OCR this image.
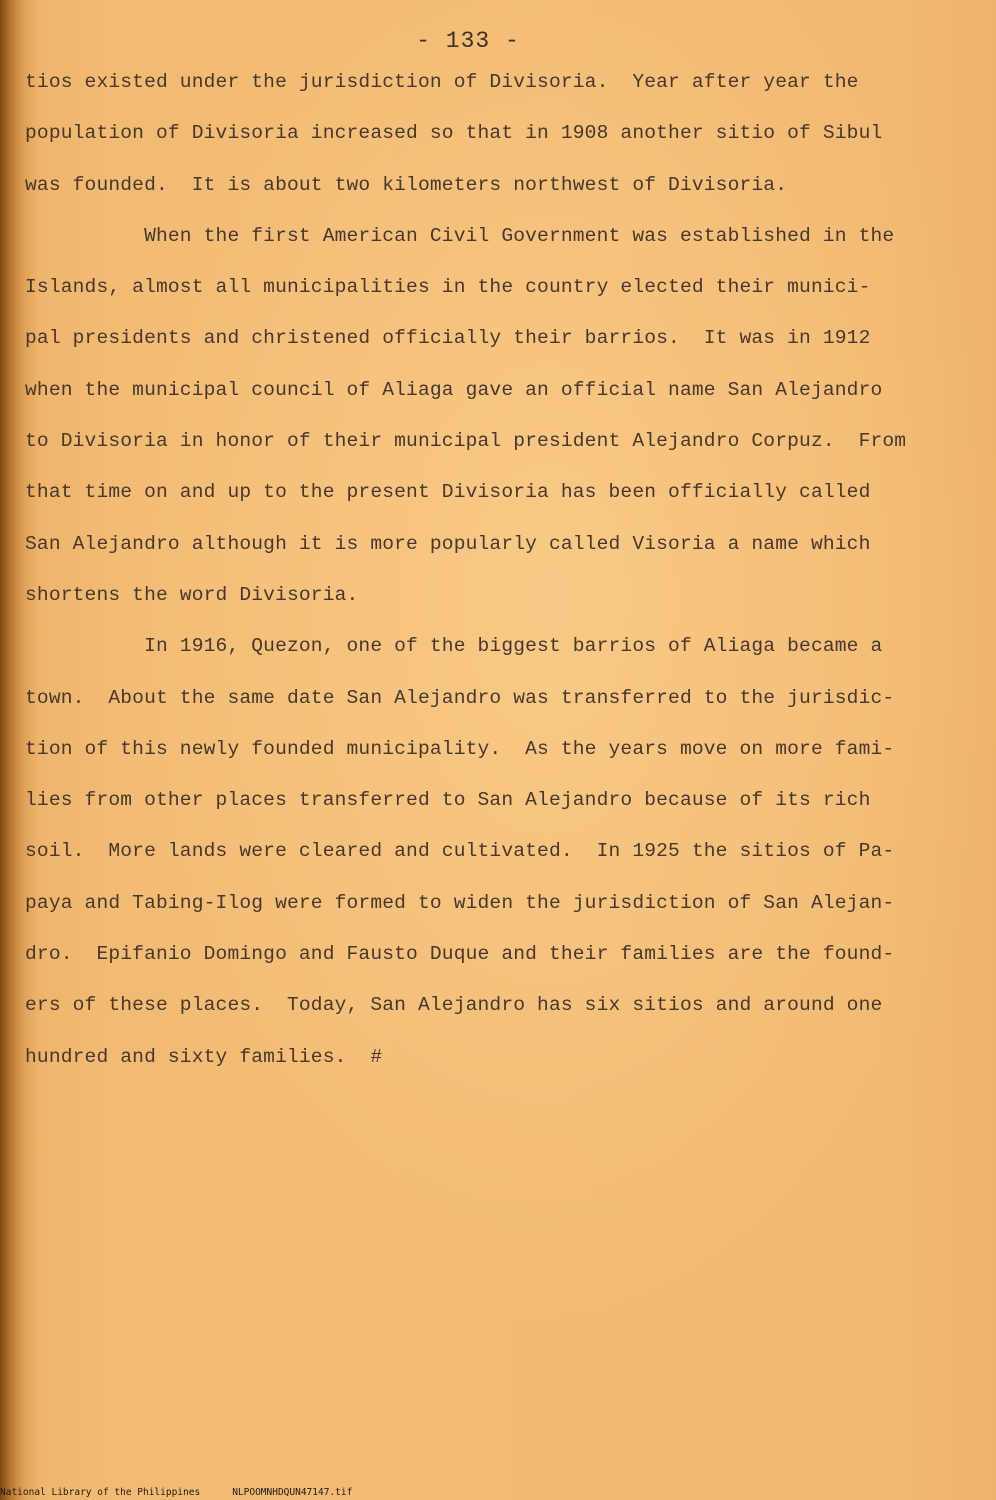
- 133 -
tios existed under the jurisdiction of Divisoria.  Year after year the
population of Divisoria increased so that in 1908 another sitio of Sibul
was founded.  It is about two kilometers northwest of Divisoria.
When the first American Civil Government was established in the
Islands, almost all municipalities in the country elected their munici-
pal presidents and christened officially their barrios.  It was in 1912
when the municipal council of Aliaga gave an official name San Alejandro
to Divisoria in honor of their municipal president Alejandro Corpuz.  From
that time on and up to the present Divisoria has been officially called
San Alejandro although it is more popularly called Visoria a name which
shortens the word Divisoria.
In 1916, Quezon, one of the biggest barrios of Aliaga became a
town.  About the same date San Alejandro was transferred to the jurisdic-
tion of this newly founded municipality.  As the years move on more fami-
lies from other places transferred to San Alejandro because of its rich
soil.  More lands were cleared and cultivated.  In 1925 the sitios of Pa-
paya and Tabing-Ilog were formed to widen the jurisdiction of San Alejan-
dro.  Epifanio Domingo and Fausto Duque and their families are the found-
ers of these places.  Today, San Alejandro has six sitios and around one
hundred and sixty families.  #
National Library of the Philippines	NLPOOMNHDQUN47147.tif
